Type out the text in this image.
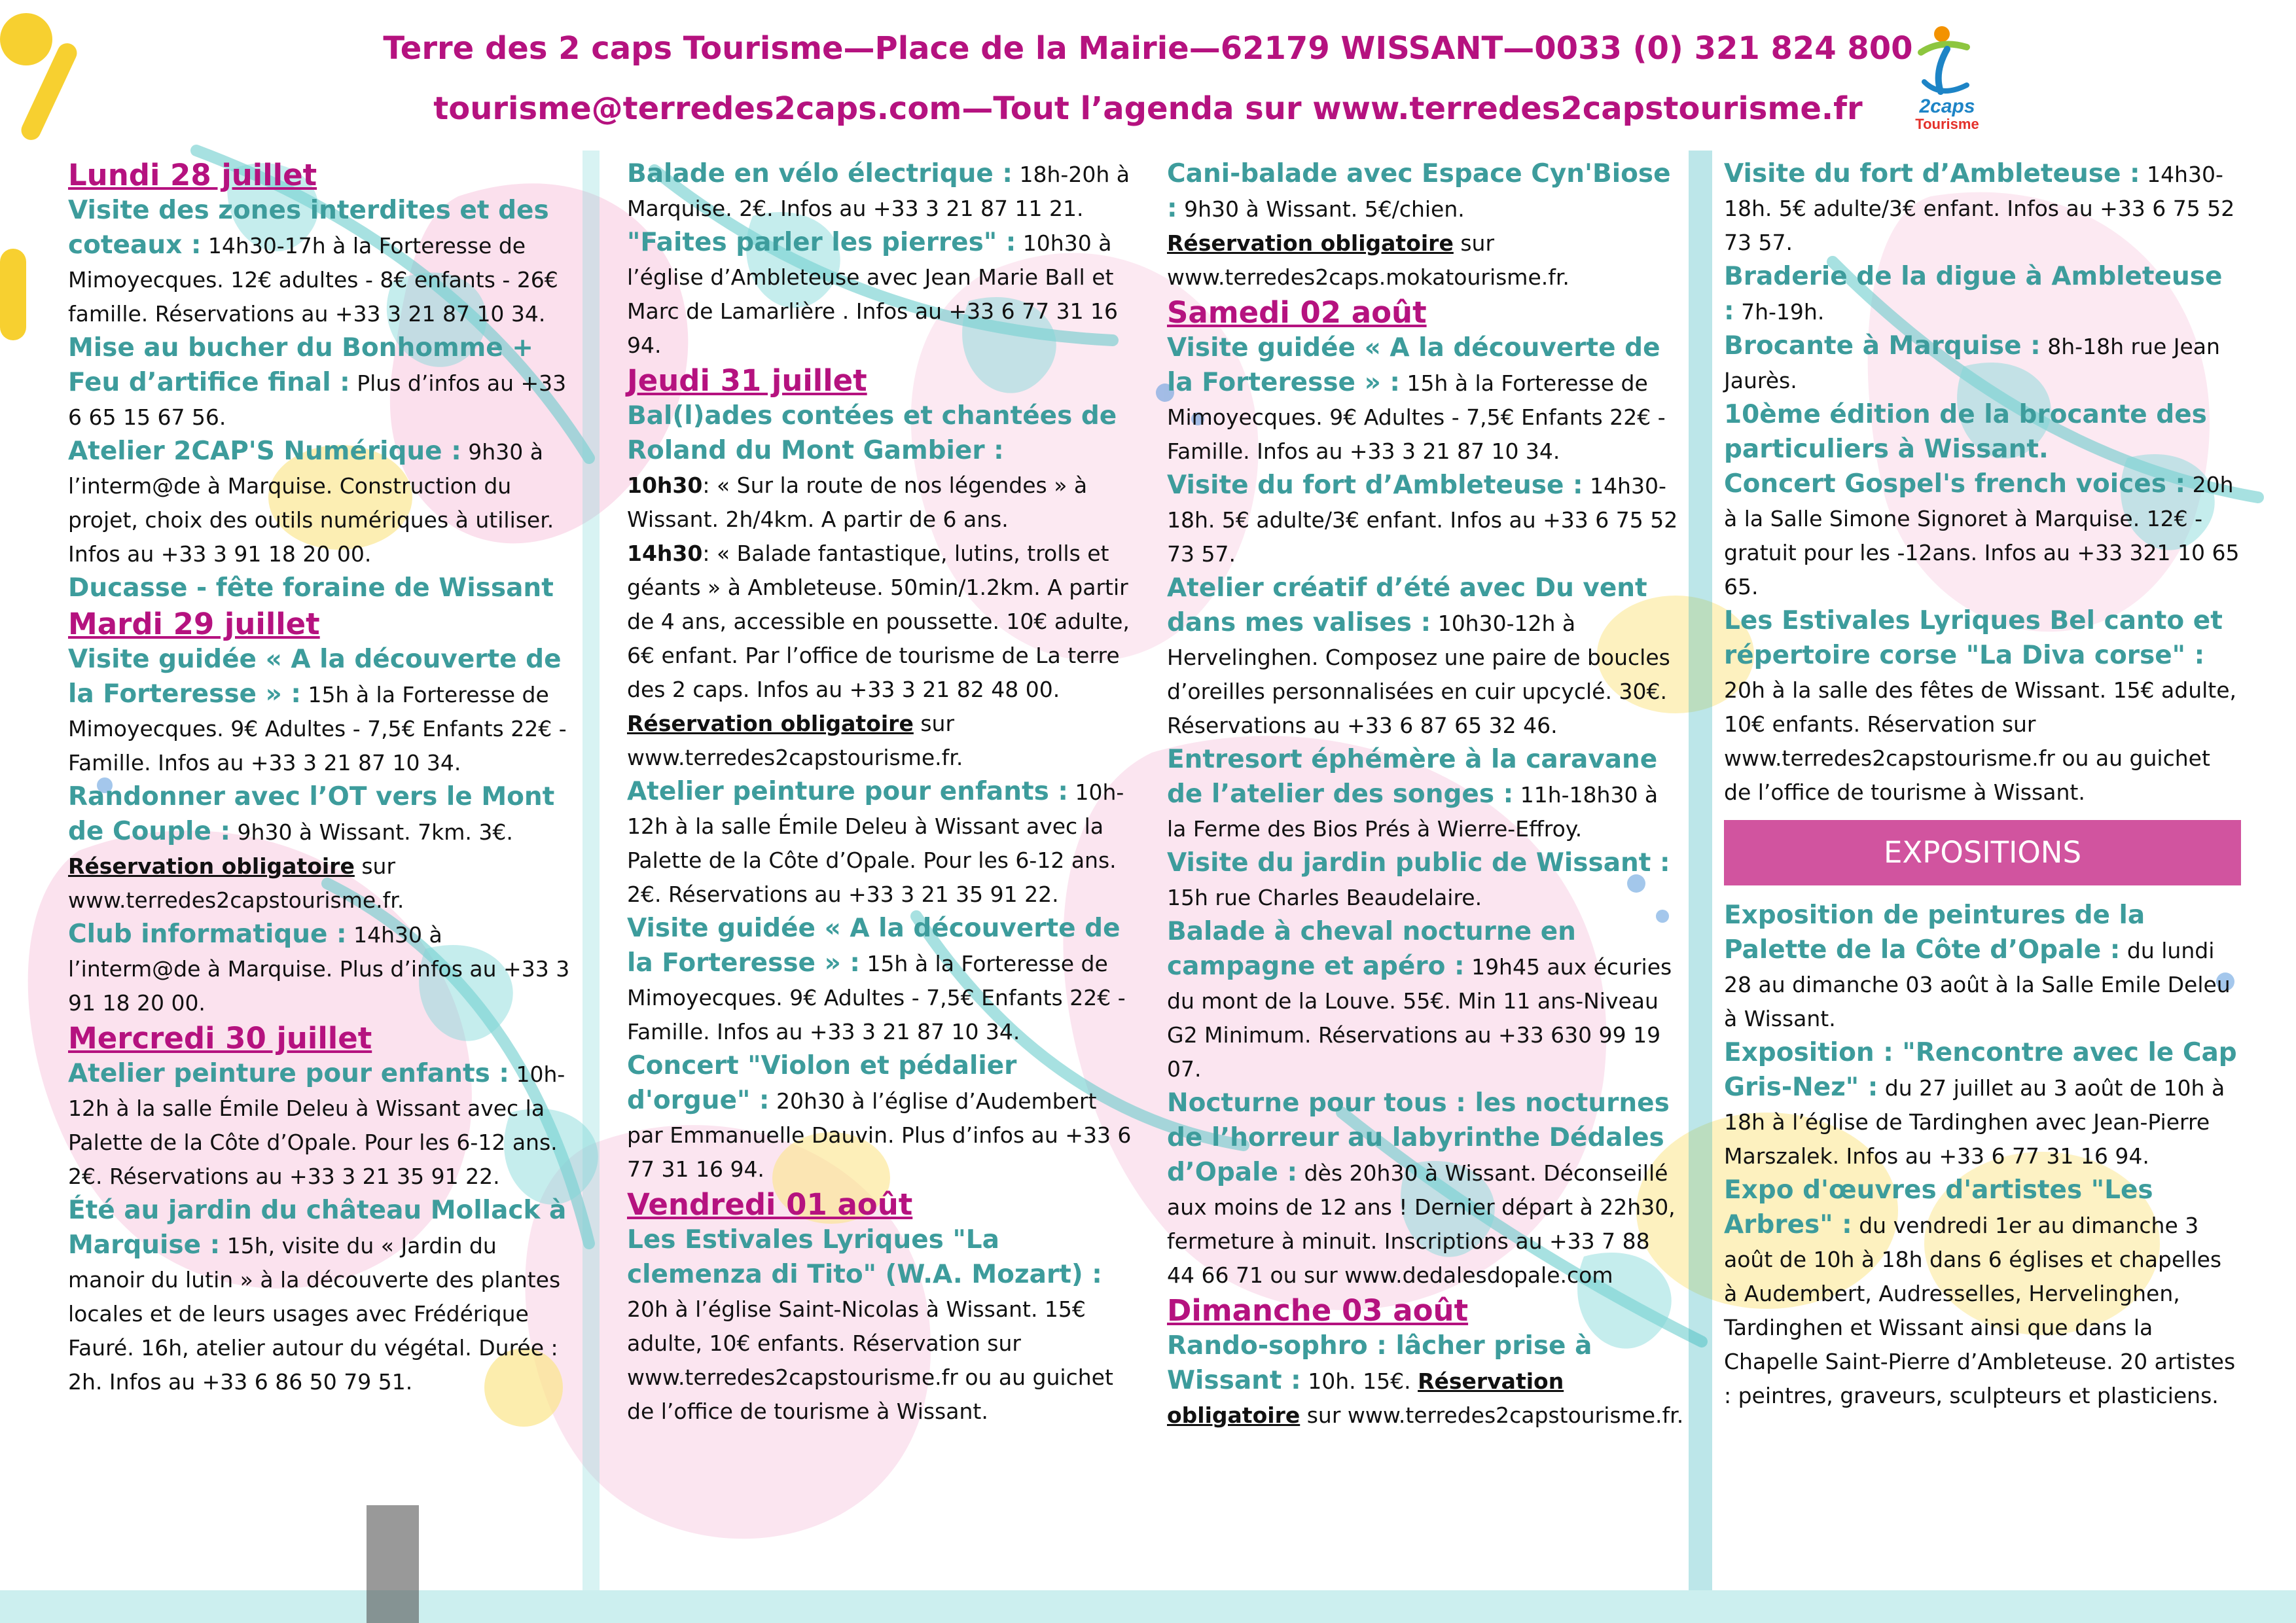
Terre des 2 caps Tourisme—Place de la Mairie—62179 WISSANT—0033 (0) 321 824 800

tourisme@terredes2caps.com—Tout l’agenda sur www.terredes2capstourisme.fr	2caps
Tourisme

Lundi 28 juillet

Visite des zones interdites et des coteaux : 14h30-17h à la Forteresse de Mimoyecques. 12€ adultes - 8€ enfants - 26€ famille. Réservations au +33 3 21 87 10 34.

Mise au bucher du Bonhomme + Feu d’artifice final : Plus d’infos au +33 6 65 15 67 56.

Atelier 2CAP'S Numérique : 9h30 à l’interm@de à Marquise. Construction du projet, choix des outils numériques à utiliser. Infos au +33 3 91 18 20 00.

Ducasse - fête foraine de Wissant

Mardi 29 juillet

Visite guidée « A la découverte de la Forteresse » : 15h à la Forteresse de Mimoyecques. 9€ Adultes - 7,5€ Enfants 22€ - Famille. Infos au +33 3 21 87 10 34.

Randonner avec l’OT vers le Mont de Couple : 9h30 à Wissant. 7km. 3€.
Réservation obligatoire sur www.terredes2capstourisme.fr.

Club informatique : 14h30 à l’interm@de à Marquise. Plus d’infos au +33 3 91 18 20 00.

Mercredi 30 juillet

Atelier peinture pour enfants : 10h-12h à la salle Émile Deleu à Wissant avec la Palette de la Côte d’Opale. Pour les 6-12 ans. 2€. Réservations au +33 3 21 35 91 22.

Été au jardin du château Mollack à Marquise : 15h, visite du « Jardin du manoir du lutin » à la découverte des plantes locales et de leurs usages avec Frédérique Fauré. 16h, atelier autour du végétal. Durée : 2h. Infos au +33 6 86 50 79 51.

Balade en vélo électrique : 18h-20h à Marquise. 2€. Infos au +33 3 21 87 11 21.

"Faites parler les pierres" : 10h30 à l’église d’Ambleteuse avec Jean Marie Ball et Marc de Lamarlière . Infos au +33 6 77 31 16 94.

Jeudi 31 juillet

Bal(l)ades contées et chantées de Roland du Mont Gambier :
10h30: « Sur la route de nos légendes » à Wissant. 2h/4km. A partir de 6 ans.
14h30: « Balade fantastique, lutins, trolls et géants » à Ambleteuse. 50min/1.2km. A partir de 4 ans, accessible en poussette. 10€ adulte, 6€ enfant. Par l’office de tourisme de La terre des 2 caps. Infos au +33 3 21 82 48 00.
Réservation obligatoire sur www.terredes2capstourisme.fr.

Atelier peinture pour enfants : 10h-12h à la salle Émile Deleu à Wissant avec la Palette de la Côte d’Opale. Pour les 6-12 ans. 2€. Réservations au +33 3 21 35 91 22.

Visite guidée « A la découverte de la Forteresse » : 15h à la Forteresse de Mimoyecques. 9€ Adultes - 7,5€ Enfants 22€ - Famille. Infos au +33 3 21 87 10 34.

Concert "Violon et pédalier d'orgue" : 20h30 à l’église d’Audembert par Emmanuelle Dauvin. Plus d’infos au +33 6 77 31 16 94.

Vendredi 01 août

Les Estivales Lyriques "La clemenza di Tito" (W.A. Mozart) : 20h à l’église Saint-Nicolas à Wissant. 15€ adulte, 10€ enfants. Réservation sur www.terredes2capstourisme.fr ou au guichet de l’office de tourisme à Wissant.

Cani-balade avec Espace Cyn'Biose : 9h30 à Wissant. 5€/chien.
Réservation obligatoire sur www.terredes2caps.mokatourisme.fr.

Samedi 02 août

Visite guidée « A la découverte de la Forteresse » : 15h à la Forteresse de Mimoyecques. 9€ Adultes - 7,5€ Enfants 22€ - Famille. Infos au +33 3 21 87 10 34.

Visite du fort d’Ambleteuse : 14h30-18h. 5€ adulte/3€ enfant. Infos au +33 6 75 52 73 57.

Atelier créatif d’été avec Du vent dans mes valises : 10h30-12h à Hervelinghen. Composez une paire de boucles d’oreilles personnalisées en cuir upcyclé. 30€. Réservations au +33 6 87 65 32 46.

Entresort éphémère à la caravane de l’atelier des songes : 11h-18h30 à la Ferme des Bios Prés à Wierre-Effroy.

Visite du jardin public de Wissant : 15h rue Charles Beaudelaire.

Balade à cheval nocturne en campagne et apéro : 19h45 aux écuries du mont de la Louve. 55€. Min 11 ans-Niveau G2 Minimum. Réservations au +33 630 99 19 07.

Nocturne pour tous : les nocturnes de l’horreur au labyrinthe Dédales d’Opale : dès 20h30 à Wissant. Déconseillé aux moins de 12 ans ! Dernier départ à 22h30, fermeture à minuit. Inscriptions au +33 7 88 44 66 71 ou sur www.dedalesdopale.com

Dimanche 03 août

Rando-sophro : lâcher prise à Wissant : 10h. 15€. Réservation obligatoire sur www.terredes2capstourisme.fr.

Visite du fort d’Ambleteuse : 14h30-18h. 5€ adulte/3€ enfant. Infos au +33 6 75 52 73 57.

Braderie de la digue à Ambleteuse : 7h-19h.

Brocante à Marquise : 8h-18h rue Jean Jaurès.

10ème édition de la brocante des particuliers à Wissant.

Concert Gospel's french voices : 20h à la Salle Simone Signoret à Marquise. 12€ - gratuit pour les -12ans. Infos au +33 321 10 65 65.

Les Estivales Lyriques Bel canto et répertoire corse "La Diva corse" : 20h à la salle des fêtes de Wissant. 15€ adulte, 10€ enfants. Réservation sur www.terredes2capstourisme.fr ou au guichet de l’office de tourisme à Wissant.

EXPOSITIONS

Exposition de peintures de la Palette de la Côte d’Opale : du lundi 28 au dimanche 03 août à la Salle Emile Deleu à Wissant.

Exposition : "Rencontre avec le Cap Gris-Nez" : du 27 juillet au 3 août de 10h à 18h à l’église de Tardinghen avec Jean-Pierre Marszalek. Infos au +33 6 77 31 16 94.

Expo d'œuvres d'artistes "Les Arbres" : du vendredi 1er au dimanche 3 août de 10h à 18h dans 6 églises et chapelles à Audembert, Audresselles, Hervelinghen, Tardinghen et Wissant ainsi que dans la Chapelle Saint-Pierre d’Ambleteuse. 20 artistes : peintres, graveurs, sculpteurs et plasticiens.
